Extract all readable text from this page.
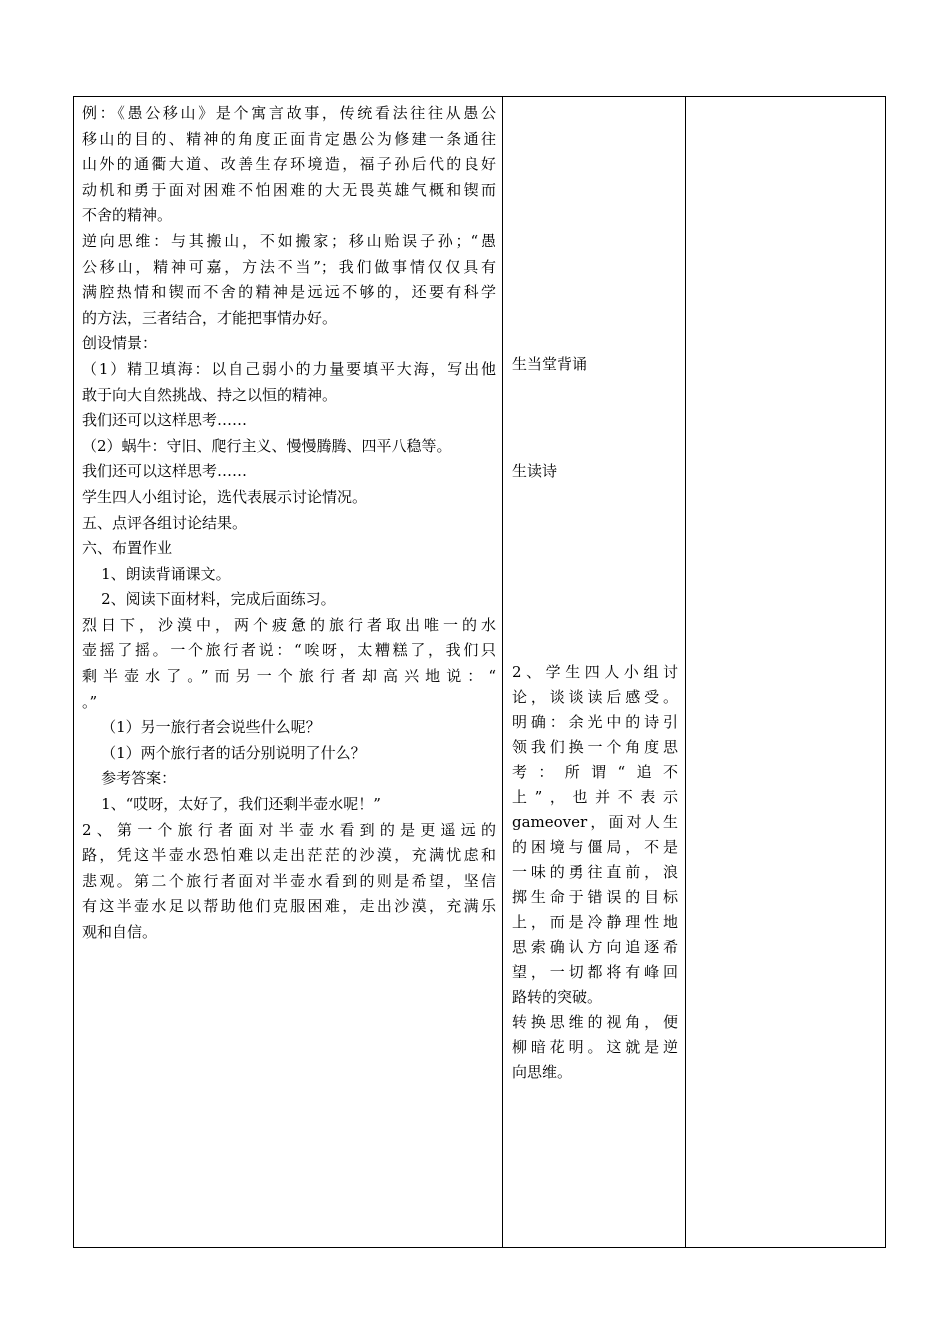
例：《愚公移山》是个寓言故事，传统看法往往从愚公
移山的目的、精神的角度正面肯定愚公为修建一条通往
山外的通衢大道、改善生存环境造，福子孙后代的良好
动机和勇于面对困难不怕困难的大无畏英雄气概和锲而
不舍的精神。
逆向思维：与其搬山，不如搬家；移山贻误子孙；“愚
公移山，精神可嘉，方法不当”；我们做事情仅仅具有
满腔热情和锲而不舍的精神是远远不够的，还要有科学
的方法，三者结合，才能把事情办好。
创设情景：
（1）精卫填海：以自己弱小的力量要填平大海，写出他
敢于向大自然挑战、持之以恒的精神。
我们还可以这样思考……
（2）蜗牛：守旧、爬行主义、慢慢腾腾、四平八稳等。
我们还可以这样思考……
学生四人小组讨论，选代表展示讨论情况。
五、点评各组讨论结果。
六、布置作业
1、朗读背诵课文。
2、阅读下面材料，完成后面练习。
烈日下，沙漠中，两个疲惫的旅行者取出唯一的水
壶摇了摇。一个旅行者说：“唉呀，太糟糕了，我们只
剩半壶水了。”而另一个旅行者却高兴地说：“
。”
（1）另一旅行者会说些什么呢？
（1）两个旅行者的话分别说明了什么？
参考答案：
1、“哎呀，太好了，我们还剩半壶水呢！”
2、第一个旅行者面对半壶水看到的是更遥远的
路，凭这半壶水恐怕难以走出茫茫的沙漠，充满忧虑和
悲观。第二个旅行者面对半壶水看到的则是希望，坚信
有这半壶水足以帮助他们克服困难，走出沙漠，充满乐
观和自信。
生当堂背诵
生读诗
2、学生四人小组讨
论，谈谈读后感受。
明确：余光中的诗引
领我们换一个角度思
考：所谓“追不
上”，也并不表示
gameover，面对人生
的困境与僵局，不是
一味的勇往直前，浪
掷生命于错误的目标
上，而是冷静理性地
思索确认方向追逐希
望，一切都将有峰回
路转的突破。
转换思维的视角，便
柳暗花明。这就是逆
向思维。
